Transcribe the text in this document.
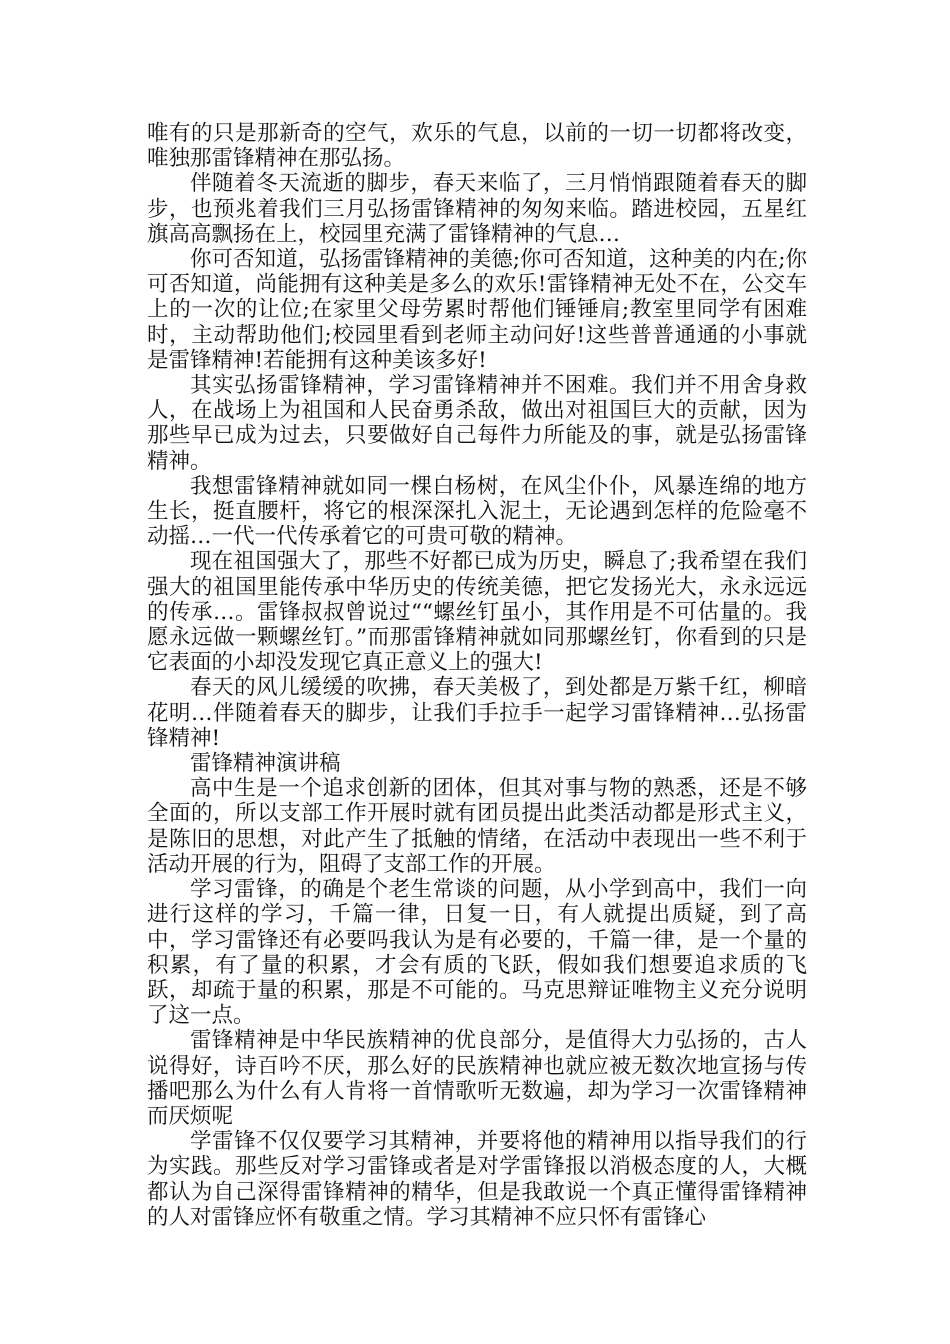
唯有的只是那新奇的空气，欢乐的气息，以前的一切一切都将改变，唯独那雷锋精神在那弘扬。

伴随着冬天流逝的脚步，春天来临了，三月悄悄跟随着春天的脚步，也预兆着我们三月弘扬雷锋精神的匆匆来临。踏进校园，五星红旗高高飘扬在上，校园里充满了雷锋精神的气息…

你可否知道，弘扬雷锋精神的美德;你可否知道，这种美的内在;你可否知道，尚能拥有这种美是多么的欢乐!雷锋精神无处不在，公交车上的一次的让位;在家里父母劳累时帮他们锤锤肩;教室里同学有困难时，主动帮助他们;校园里看到老师主动问好!这些普普通通的小事就是雷锋精神!若能拥有这种美该多好!

其实弘扬雷锋精神，学习雷锋精神并不困难。我们并不用舍身救人，在战场上为祖国和人民奋勇杀敌，做出对祖国巨大的贡献，因为那些早已成为过去，只要做好自己每件力所能及的事，就是弘扬雷锋精神。

我想雷锋精神就如同一棵白杨树，在风尘仆仆，风暴连绵的地方生长，挺直腰杆，将它的根深深扎入泥土，无论遇到怎样的危险毫不动摇…一代一代传承着它的可贵可敬的精神。

现在祖国强大了，那些不好都已成为历史，瞬息了;我希望在我们强大的祖国里能传承中华历史的传统美德，把它发扬光大，永永远远的传承…。雷锋叔叔曾说过““螺丝钉虽小，其作用是不可估量的。我愿永远做一颗螺丝钉。”而那雷锋精神就如同那螺丝钉，你看到的只是它表面的小却没发现它真正意义上的强大!

春天的风儿缓缓的吹拂，春天美极了，到处都是万紫千红，柳暗花明…伴随着春天的脚步，让我们手拉手一起学习雷锋精神…弘扬雷锋精神!

雷锋精神演讲稿

高中生是一个追求创新的团体，但其对事与物的熟悉，还是不够全面的，所以支部工作开展时就有团员提出此类活动都是形式主义，是陈旧的思想，对此产生了抵触的情绪，在活动中表现出一些不利于活动开展的行为，阻碍了支部工作的开展。

学习雷锋，的确是个老生常谈的问题，从小学到高中，我们一向进行这样的学习，千篇一律，日复一日，有人就提出质疑，到了高中，学习雷锋还有必要吗我认为是有必要的，千篇一律，是一个量的积累，有了量的积累，才会有质的飞跃，假如我们想要追求质的飞跃，却疏于量的积累，那是不可能的。马克思辩证唯物主义充分说明了这一点。

雷锋精神是中华民族精神的优良部分，是值得大力弘扬的，古人说得好，诗百吟不厌，那么好的民族精神也就应被无数次地宣扬与传播吧那么为什么有人肯将一首情歌听无数遍，却为学习一次雷锋精神而厌烦呢

学雷锋不仅仅要学习其精神，并要将他的精神用以指导我们的行为实践。那些反对学习雷锋或者是对学雷锋报以消极态度的人，大概都认为自己深得雷锋精神的精华，但是我敢说一个真正懂得雷锋精神的人对雷锋应怀有敬重之情。学习其精神不应只怀有雷锋心
